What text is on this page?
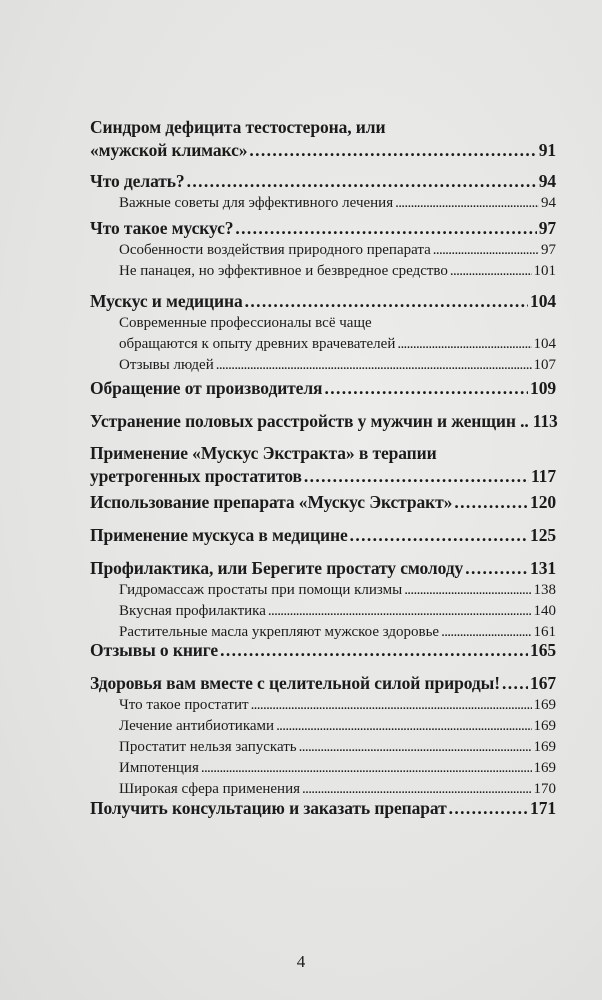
Синдром дефицита тестостерона, или
«мужской климакс» . . .	91
Что делать? . . .	94
Важные советы для эффективного лечения . . .	94
Что такое мускус? . . .	97
Особенности воздействия природного препарата . . .	97
Не панацея, но эффективное и безвредное средство . . .	101
Мускус и медицина . . .	104
Современные профессионалы всё чаще
обращаются к опыту древних врачевателей . . .	104
Отзывы людей . . .	107
Обращение от производителя . . .	109
Устранение половых расстройств у мужчин и женщин .. 113
Применение «Мускус Экстракта» в терапии
уретрогенных простатитов . . .	117
Использование препарата «Мускус Экстракт» . . .	120
Применение мускуса в медицине . . .	125
Профилактика, или Берегите простату смолоду . . .	131
Гидромассаж простаты при помощи клизмы . . .	138
Вкусная профилактика . . .	140
Растительные масла укрепляют мужское здоровье . . .	161
Отзывы о книге . . .	165
Здоровья вам вместе с целительной силой природы! . . . 167
Что такое простатит . . .	169
Лечение антибиотиками . . .	169
Простатит нельзя запускать . . .	169
Импотенция . . .	169
Широкая сфера применения . . .	170
Получить консультацию и заказать препарат . . .	171
4
